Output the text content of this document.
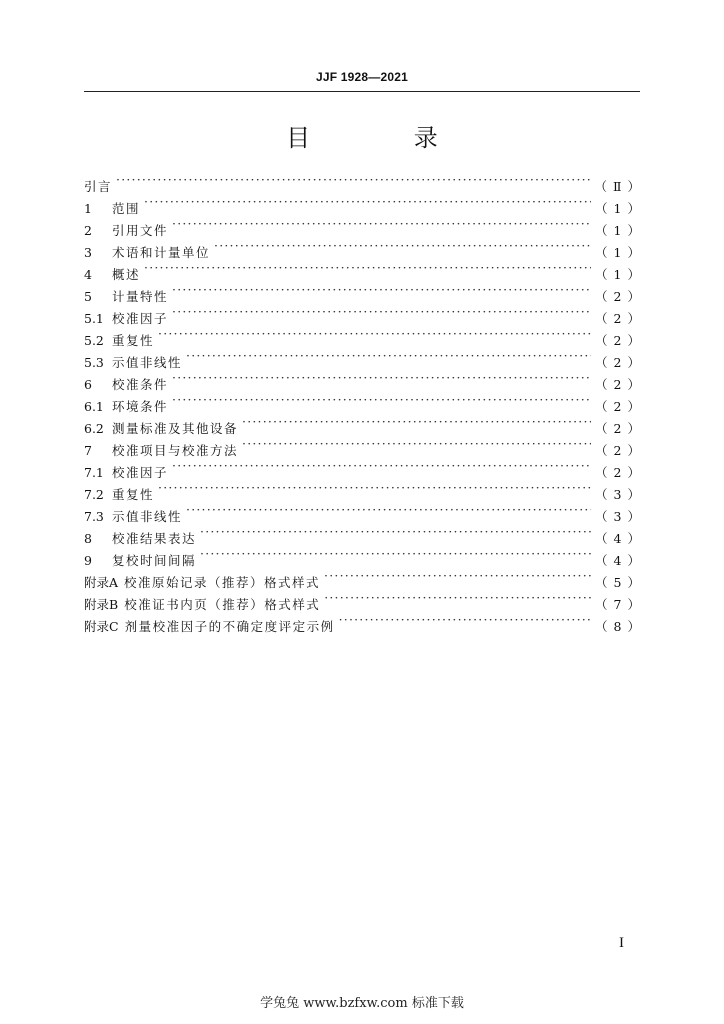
JJF 1928—2021
目 录
引言 ·····	（Ⅱ）
1	范围 ·····	（1）
2	引用文件 ·····	（1）
3	术语和计量单位 ·····	（1）
4	概述 ·····	（1）
5	计量特性 ·····	（2）
5.1 校准因子 ·····	（2）
5.2 重复性 ·····	（2）
5.3 示值非线性 ·····	（2）
6	校准条件 ·····	（2）
6.1 环境条件 ·····	（2）
6.2 测量标准及其他设备 ·····	（2）
7	校准项目与校准方法 ·····	（2）
7.1 校准因子 ·····	（2）
7.2 重复性 ·····	（3）
7.3 示值非线性 ·····	（3）
8	校准结果表达 ·····	（4）
9	复校时间间隔 ·····	（4）
附录A 校准原始记录（推荐）格式样式 ·····	（5）
附录B 校准证书内页（推荐）格式样式 ·····	（7）
附录C 剂量校准因子的不确定度评定示例 ·····	（8）
I
学兔兔 www.bzfxw.com 标准下载
